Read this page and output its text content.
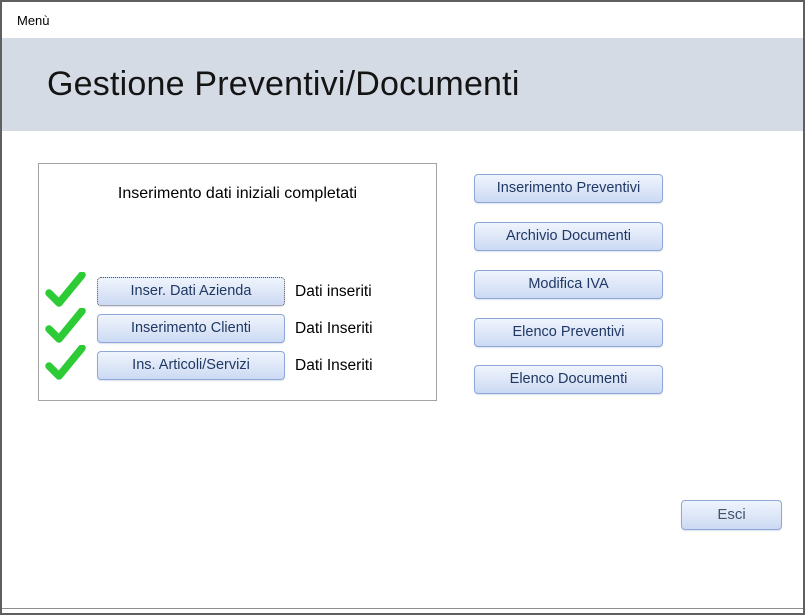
Menù
Gestione Preventivi/Documenti
Inserimento dati iniziali completati
Inser. Dati Azienda
Inserimento Clienti
Ins. Articoli/Servizi
Dati inseriti
Dati Inseriti
Dati Inseriti
Inserimento Preventivi
Archivio Documenti
Modifica IVA
Elenco Preventivi
Elenco Documenti
Esci
